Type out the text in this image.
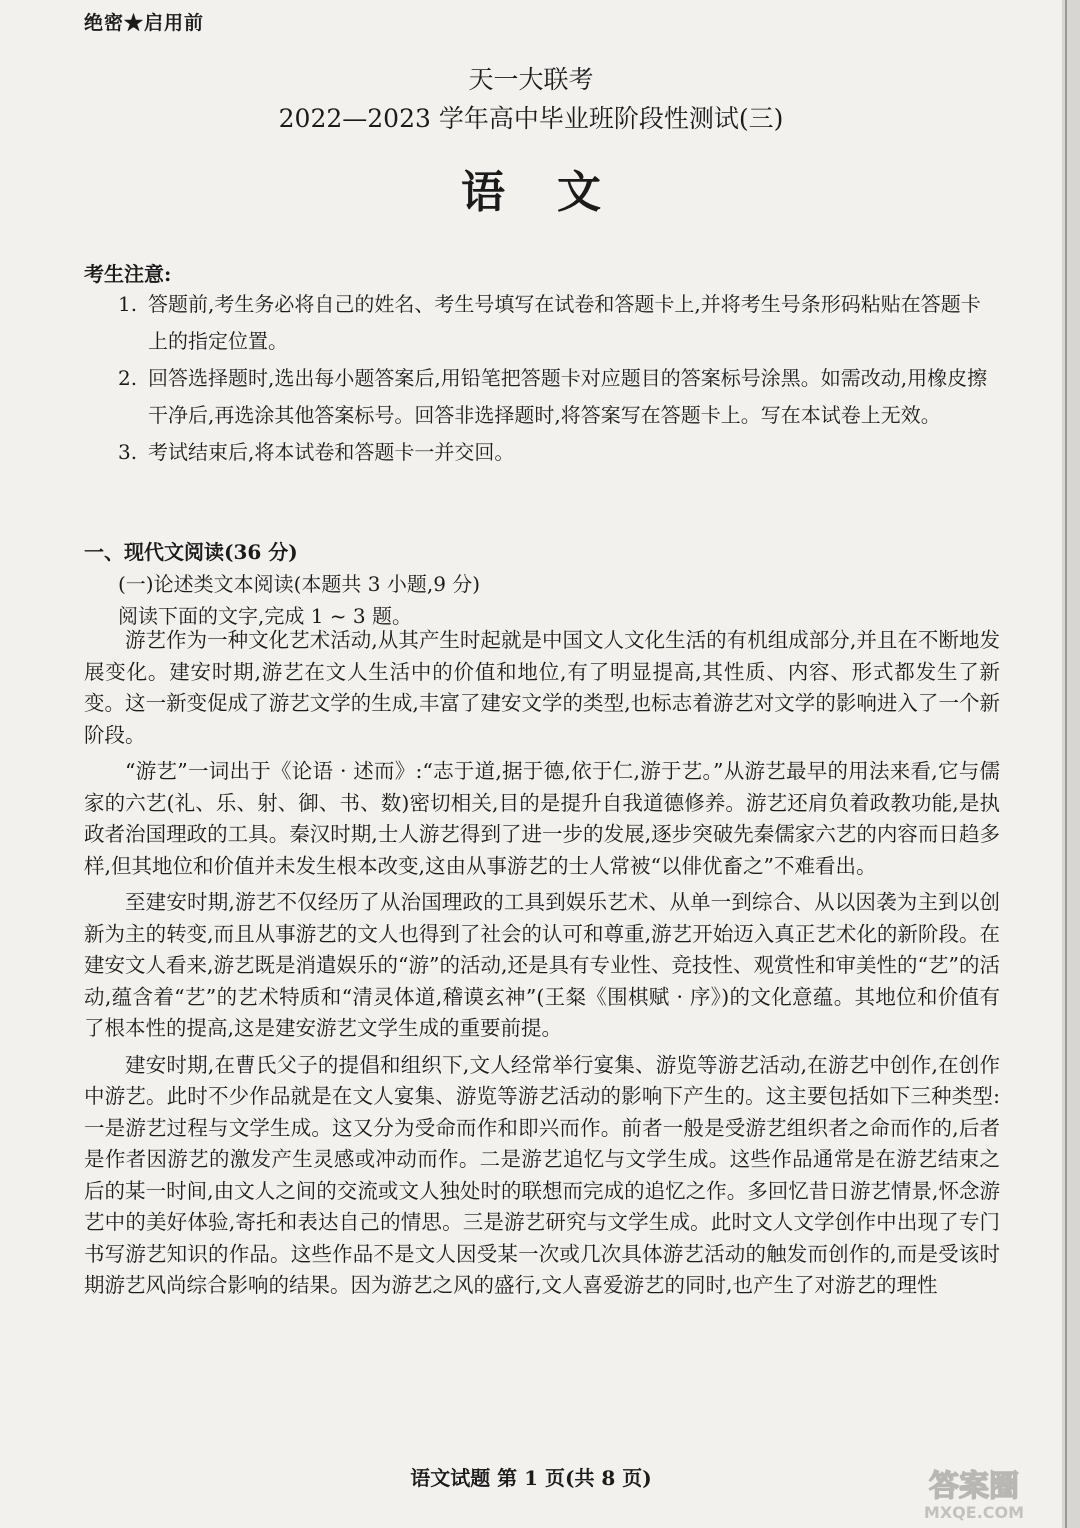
绝密★启用前
天一大联考
2022—2023 学年高中毕业班阶段性测试(三)
语文
考生注意:
1. 答题前,考生务必将自己的姓名、考生号填写在试卷和答题卡上,并将考生号条形码粘贴在答题卡上的指定位置。
2. 回答选择题时,选出每小题答案后,用铅笔把答题卡对应题目的答案标号涂黑。如需改动,用橡皮擦干净后,再选涂其他答案标号。回答非选择题时,将答案写在答题卡上。写在本试卷上无效。
3. 考试结束后,将本试卷和答题卡一并交回。
一、现代文阅读(36 分)
(一)论述类文本阅读(本题共 3 小题,9 分)
阅读下面的文字,完成 1 ~ 3 题。

游艺作为一种文化艺术活动,从其产生时起就是中国文人文化生活的有机组成部分,并且在不断地发展变化。建安时期,游艺在文人生活中的价值和地位,有了明显提高,其性质、内容、形式都发生了新变。这一新变促成了游艺文学的生成,丰富了建安文学的类型,也标志着游艺对文学的影响进入了一个新阶段。

“游艺”一词出于《论语 · 述而》:“志于道,据于德,依于仁,游于艺。”从游艺最早的用法来看,它与儒家的六艺(礼、乐、射、御、书、数)密切相关,目的是提升自我道德修养。游艺还肩负着政教功能,是执政者治国理政的工具。秦汉时期,士人游艺得到了进一步的发展,逐步突破先秦儒家六艺的内容而日趋多样,但其地位和价值并未发生根本改变,这由从事游艺的士人常被“以俳优畜之”不难看出。

至建安时期,游艺不仅经历了从治国理政的工具到娱乐艺术、从单一到综合、从以因袭为主到以创新为主的转变,而且从事游艺的文人也得到了社会的认可和尊重,游艺开始迈入真正艺术化的新阶段。在建安文人看来,游艺既是消遣娱乐的“游”的活动,还是具有专业性、竞技性、观赏性和审美性的“艺”的活动,蕴含着“艺”的艺术特质和“清灵体道,稽谟玄神”(王粲《围棋赋 · 序》)的文化意蕴。其地位和价值有了根本性的提高,这是建安游艺文学生成的重要前提。

建安时期,在曹氏父子的提倡和组织下,文人经常举行宴集、游览等游艺活动,在游艺中创作,在创作中游艺。此时不少作品就是在文人宴集、游览等游艺活动的影响下产生的。这主要包括如下三种类型:一是游艺过程与文学生成。这又分为受命而作和即兴而作。前者一般是受游艺组织者之命而作的,后者是作者因游艺的激发产生灵感或冲动而作。二是游艺追忆与文学生成。这些作品通常是在游艺结束之后的某一时间,由文人之间的交流或文人独处时的联想而完成的追忆之作。多回忆昔日游艺情景,怀念游艺中的美好体验,寄托和表达自己的情思。三是游艺研究与文学生成。此时文人文学创作中出现了专门书写游艺知识的作品。这些作品不是文人因受某一次或几次具体游艺活动的触发而创作的,而是受该时期游艺风尚综合影响的结果。因为游艺之风的盛行,文人喜爱游艺的同时,也产生了对游艺的理性

语文试题 第 1 页(共 8 页)	答案圈
MXQE.COM
